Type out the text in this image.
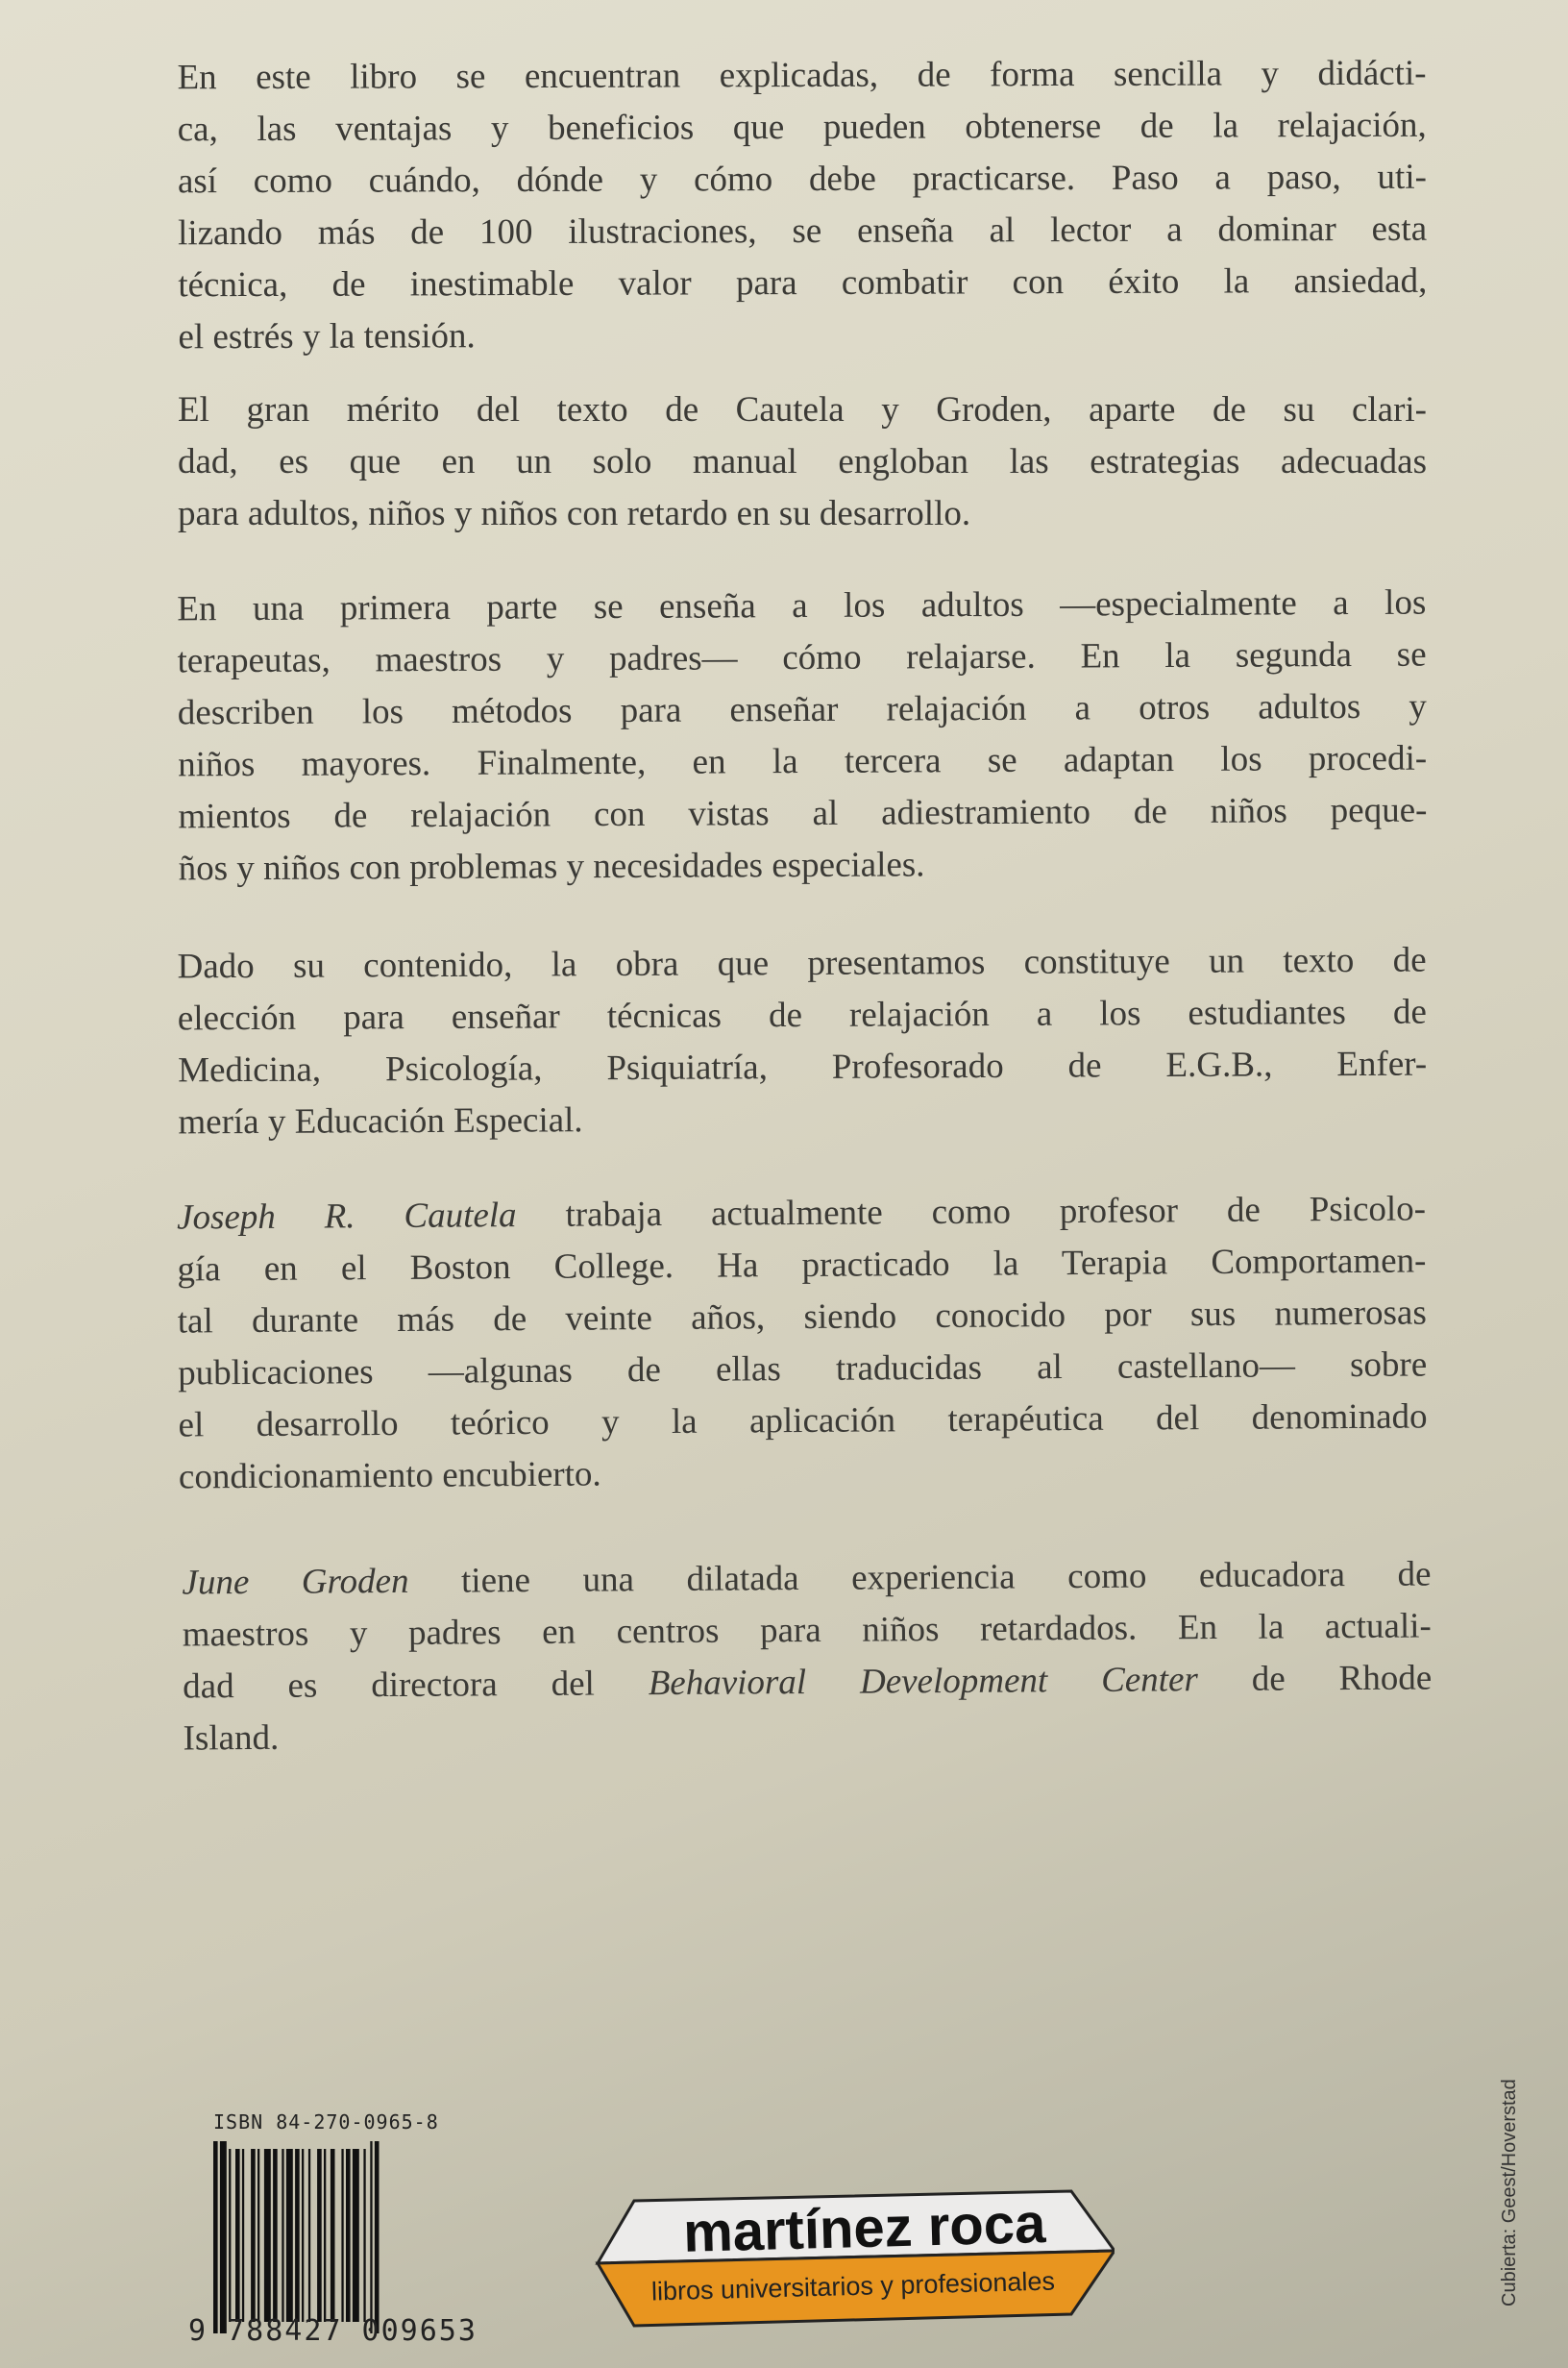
En este libro se encuentran explicadas, de forma sencilla y didácti-
ca, las ventajas y beneficios que pueden obtenerse de la relajación,
así como cuándo, dónde y cómo debe practicarse. Paso a paso, uti-
lizando más de 100 ilustraciones, se enseña al lector a dominar esta
técnica, de inestimable valor para combatir con éxito la ansiedad,
el estrés y la tensión.
El gran mérito del texto de Cautela y Groden, aparte de su clari-
dad, es que en un solo manual engloban las estrategias adecuadas
para adultos, niños y niños con retardo en su desarrollo.
En una primera parte se enseña a los adultos —especialmente a los
terapeutas, maestros y padres— cómo relajarse. En la segunda se
describen los métodos para enseñar relajación a otros adultos y
niños mayores. Finalmente, en la tercera se adaptan los procedi-
mientos de relajación con vistas al adiestramiento de niños peque-
ños y niños con problemas y necesidades especiales.
Dado su contenido, la obra que presentamos constituye un texto de
elección para enseñar técnicas de relajación a los estudiantes de
Medicina, Psicología, Psiquiatría, Profesorado de E.G.B., Enfer-
mería y Educación Especial.
Joseph R. Cautela trabaja actualmente como profesor de Psicolo-
gía en el Boston College. Ha practicado la Terapia Comportamen-
tal durante más de veinte años, siendo conocido por sus numerosas
publicaciones —algunas de ellas traducidas al castellano— sobre
el desarrollo teórico y la aplicación terapéutica del denominado
condicionamiento encubierto.
June Groden tiene una dilatada experiencia como educadora de
maestros y padres en centros para niños retardados. En la actuali-
dad es directora del Behavioral Development Center de Rhode
Island.
ISBN 84-270-0965-8
9 788427 009653
martínez roca
libros universitarios y profesionales	Cubierta: Geest/Hoverstad
